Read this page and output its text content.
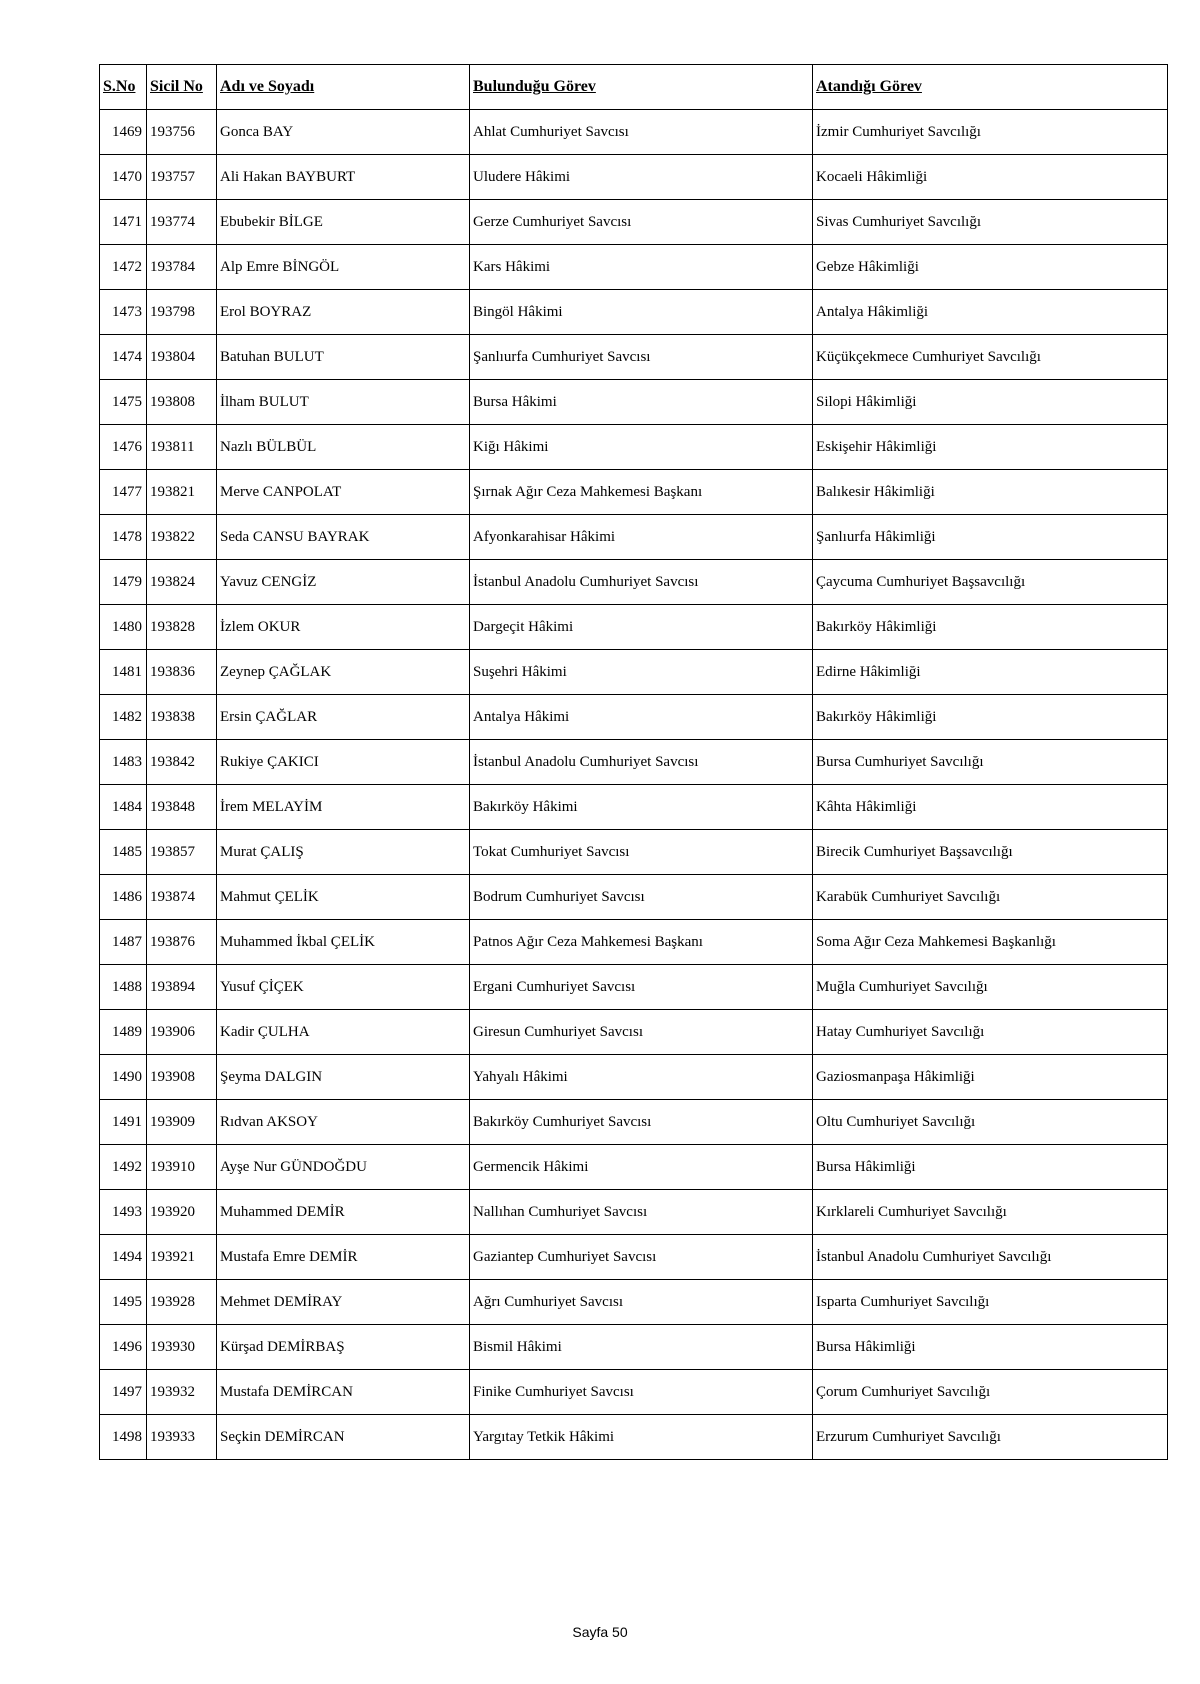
S.No	Sicil No	Adı ve Soyadı	Bulunduğu Görev	Atandığı Görev
1469	193756	Gonca BAY	Ahlat Cumhuriyet Savcısı	İzmir Cumhuriyet Savcılığı
1470	193757	Ali Hakan BAYBURT	Uludere Hâkimi	Kocaeli Hâkimliği
1471	193774	Ebubekir BİLGE	Gerze Cumhuriyet Savcısı	Sivas Cumhuriyet Savcılığı
1472	193784	Alp Emre BİNGÖL	Kars Hâkimi	Gebze Hâkimliği
1473	193798	Erol BOYRAZ	Bingöl Hâkimi	Antalya Hâkimliği
1474	193804	Batuhan BULUT	Şanlıurfa Cumhuriyet Savcısı	Küçükçekmece Cumhuriyet Savcılığı
1475	193808	İlham BULUT	Bursa Hâkimi	Silopi Hâkimliği
1476	193811	Nazlı BÜLBÜL	Kiğı Hâkimi	Eskişehir Hâkimliği
1477	193821	Merve CANPOLAT	Şırnak Ağır Ceza Mahkemesi Başkanı	Balıkesir Hâkimliği
1478	193822	Seda CANSU BAYRAK	Afyonkarahisar Hâkimi	Şanlıurfa Hâkimliği
1479	193824	Yavuz CENGİZ	İstanbul Anadolu Cumhuriyet Savcısı	Çaycuma Cumhuriyet Başsavcılığı
1480	193828	İzlem OKUR	Dargeçit Hâkimi	Bakırköy Hâkimliği
1481	193836	Zeynep ÇAĞLAK	Suşehri Hâkimi	Edirne Hâkimliği
1482	193838	Ersin ÇAĞLAR	Antalya Hâkimi	Bakırköy Hâkimliği
1483	193842	Rukiye ÇAKICI	İstanbul Anadolu Cumhuriyet Savcısı	Bursa Cumhuriyet Savcılığı
1484	193848	İrem MELAYİM	Bakırköy Hâkimi	Kâhta Hâkimliği
1485	193857	Murat ÇALIŞ	Tokat Cumhuriyet Savcısı	Birecik Cumhuriyet Başsavcılığı
1486	193874	Mahmut ÇELİK	Bodrum Cumhuriyet Savcısı	Karabük Cumhuriyet Savcılığı
1487	193876	Muhammed İkbal ÇELİK	Patnos Ağır Ceza Mahkemesi Başkanı	Soma Ağır Ceza Mahkemesi Başkanlığı
1488	193894	Yusuf ÇİÇEK	Ergani Cumhuriyet Savcısı	Muğla Cumhuriyet Savcılığı
1489	193906	Kadir ÇULHA	Giresun Cumhuriyet Savcısı	Hatay Cumhuriyet Savcılığı
1490	193908	Şeyma DALGIN	Yahyalı Hâkimi	Gaziosmanpaşa Hâkimliği
1491	193909	Rıdvan AKSOY	Bakırköy Cumhuriyet Savcısı	Oltu Cumhuriyet Savcılığı
1492	193910	Ayşe Nur GÜNDOĞDU	Germencik Hâkimi	Bursa Hâkimliği
1493	193920	Muhammed DEMİR	Nallıhan Cumhuriyet Savcısı	Kırklareli Cumhuriyet Savcılığı
1494	193921	Mustafa Emre DEMİR	Gaziantep Cumhuriyet Savcısı	İstanbul Anadolu Cumhuriyet Savcılığı
1495	193928	Mehmet DEMİRAY	Ağrı Cumhuriyet Savcısı	Isparta Cumhuriyet Savcılığı
1496	193930	Kürşad DEMİRBAŞ	Bismil Hâkimi	Bursa Hâkimliği
1497	193932	Mustafa DEMİRCAN	Finike Cumhuriyet Savcısı	Çorum Cumhuriyet Savcılığı
1498	193933	Seçkin DEMİRCAN	Yargıtay Tetkik Hâkimi	Erzurum Cumhuriyet Savcılığı
Sayfa 50
